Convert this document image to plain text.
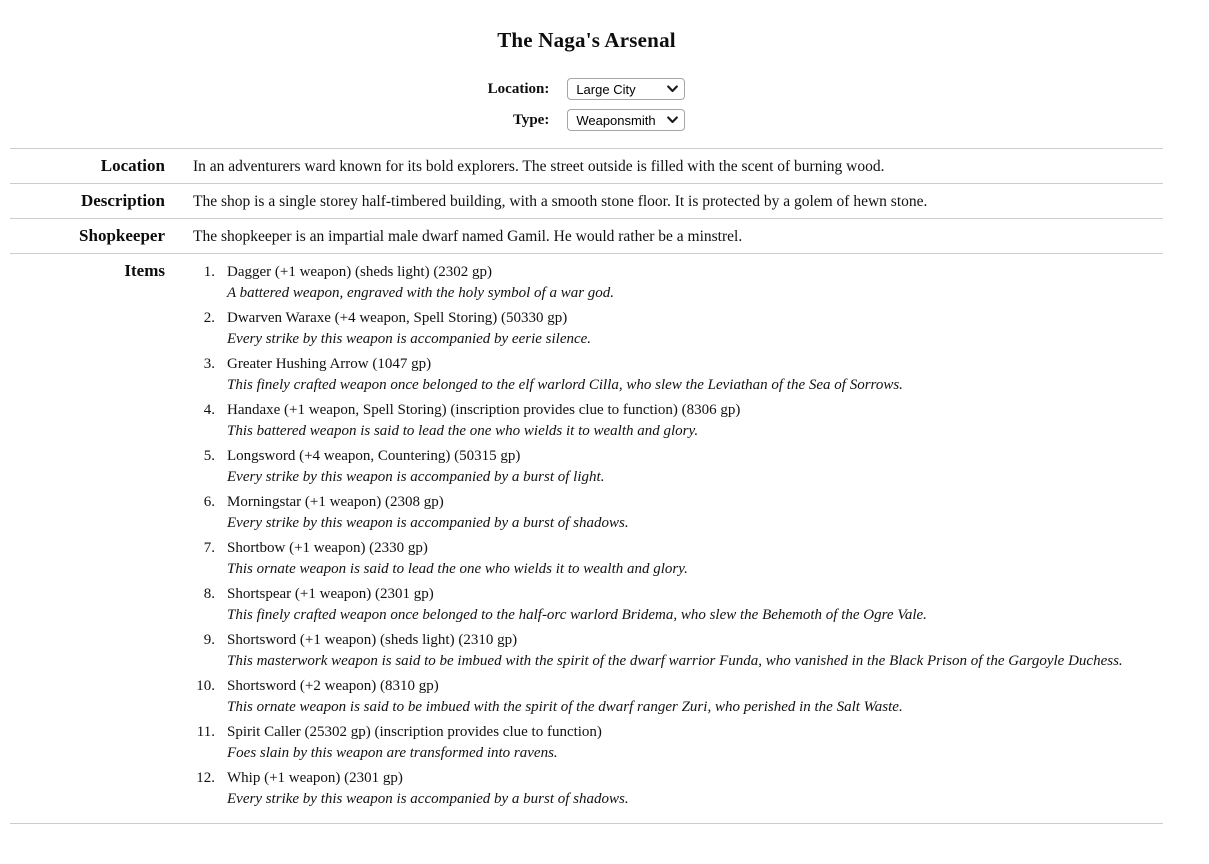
The Naga's Arsenal
Location:
Large City
Type:
Weaponsmith
Location	In an adventurers ward known for its bold explorers. The street outside is filled with the scent of burning wood.
Description	The shop is a single storey half-timbered building, with a smooth stone floor. It is protected by a golem of hewn stone.
Shopkeeper	The shopkeeper is an impartial male dwarf named Gamil. He would rather be a minstrel.
Items	1. Dagger (+1 weapon) (sheds light) (2302 gp)
A battered weapon, engraved with the holy symbol of a war god.
2. Dwarven Waraxe (+4 weapon, Spell Storing) (50330 gp)
Every strike by this weapon is accompanied by eerie silence.
3. Greater Hushing Arrow (1047 gp)
This finely crafted weapon once belonged to the elf warlord Cilla, who slew the Leviathan of the Sea of Sorrows.
4. Handaxe (+1 weapon, Spell Storing) (inscription provides clue to function) (8306 gp)
This battered weapon is said to lead the one who wields it to wealth and glory.
5. Longsword (+4 weapon, Countering) (50315 gp)
Every strike by this weapon is accompanied by a burst of light.
6. Morningstar (+1 weapon) (2308 gp)
Every strike by this weapon is accompanied by a burst of shadows.
7. Shortbow (+1 weapon) (2330 gp)
This ornate weapon is said to lead the one who wields it to wealth and glory.
8. Shortspear (+1 weapon) (2301 gp)
This finely crafted weapon once belonged to the half-orc warlord Bridema, who slew the Behemoth of the Ogre Vale.
9. Shortsword (+1 weapon) (sheds light) (2310 gp)
This masterwork weapon is said to be imbued with the spirit of the dwarf warrior Funda, who vanished in the Black Prison of the Gargoyle Duchess.
10. Shortsword (+2 weapon) (8310 gp)
This ornate weapon is said to be imbued with the spirit of the dwarf ranger Zuri, who perished in the Salt Waste.
11. Spirit Caller (25302 gp) (inscription provides clue to function)
Foes slain by this weapon are transformed into ravens.
12. Whip (+1 weapon) (2301 gp)
Every strike by this weapon is accompanied by a burst of shadows.
